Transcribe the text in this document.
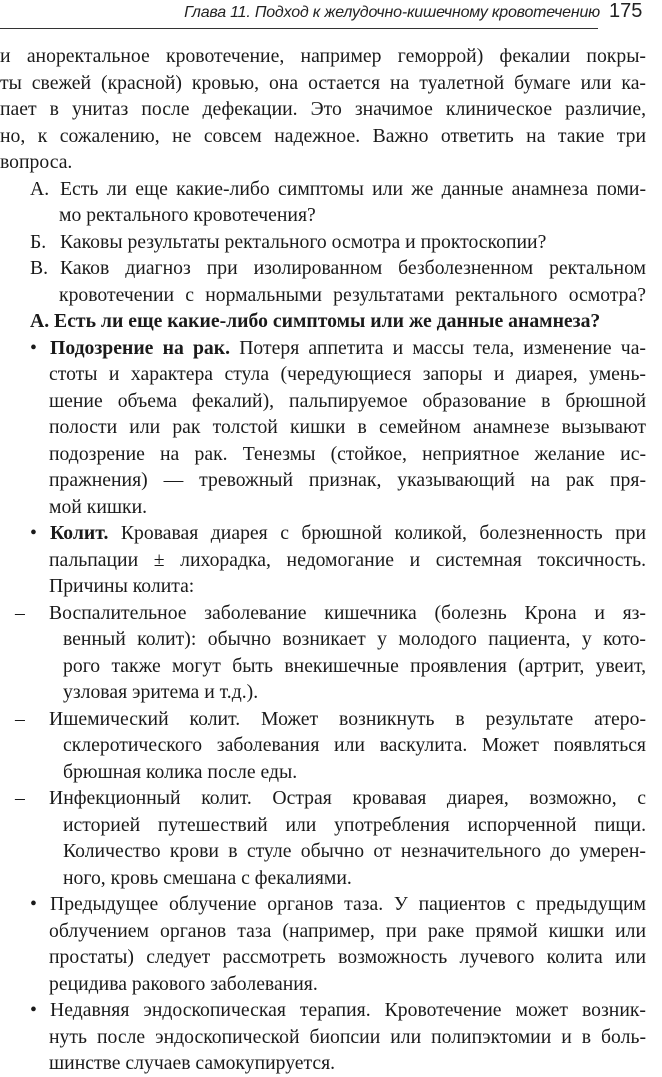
Глава 11. Подход к желудочно-кишечному кровотечению 175
и аноректальное кровотечение, например геморрой) фекалии покры-
ты свежей (красной) кровью, она остается на туалетной бумаге или ка-
пает в унитаз после дефекации. Это значимое клиническое различие,
но, к сожалению, не совсем надежное. Важно ответить на такие три
вопроса.
А. Есть ли еще какие-либо симптомы или же данные анамнеза поми-
мо ректального кровотечения?
Б. Каковы результаты ректального осмотра и проктоскопии?
В. Каков диагноз при изолированном безболезненном ректальном
кровотечении с нормальными результатами ректального осмотра?
А. Есть ли еще какие-либо симптомы или же данные анамнеза?
• Подозрение на рак. Потеря аппетита и массы тела, изменение ча-
стоты и характера стула (чередующиеся запоры и диарея, умень-
шение объема фекалий), пальпируемое образование в брюшной
полости или рак толстой кишки в семейном анамнезе вызывают
подозрение на рак. Тенезмы (стойкое, неприятное желание ис-
пражнения) — тревожный признак, указывающий на рак пря-
мой кишки.
• Колит. Кровавая диарея с брюшной коликой, болезненность при
пальпации ± лихорадка, недомогание и системная токсичность.
Причины колита:
– Воспалительное заболевание кишечника (болезнь Крона и яз-
венный колит): обычно возникает у молодого пациента, у кото-
рого также могут быть внекишечные проявления (артрит, увеит,
узловая эритема и т.д.).
– Ишемический колит. Может возникнуть в результате атеро-
склеротического заболевания или васкулита. Может появляться
брюшная колика после еды.
– Инфекционный колит. Острая кровавая диарея, возможно, с
историей путешествий или употребления испорченной пищи.
Количество крови в стуле обычно от незначительного до умерен-
ного, кровь смешана с фекалиями.
• Предыдущее облучение органов таза. У пациентов с предыдущим
облучением органов таза (например, при раке прямой кишки или
простаты) следует рассмотреть возможность лучевого колита или
рецидива ракового заболевания.
• Недавняя эндоскопическая терапия. Кровотечение может возник-
нуть после эндоскопической биопсии или полипэктомии и в боль-
шинстве случаев самокупируется.
